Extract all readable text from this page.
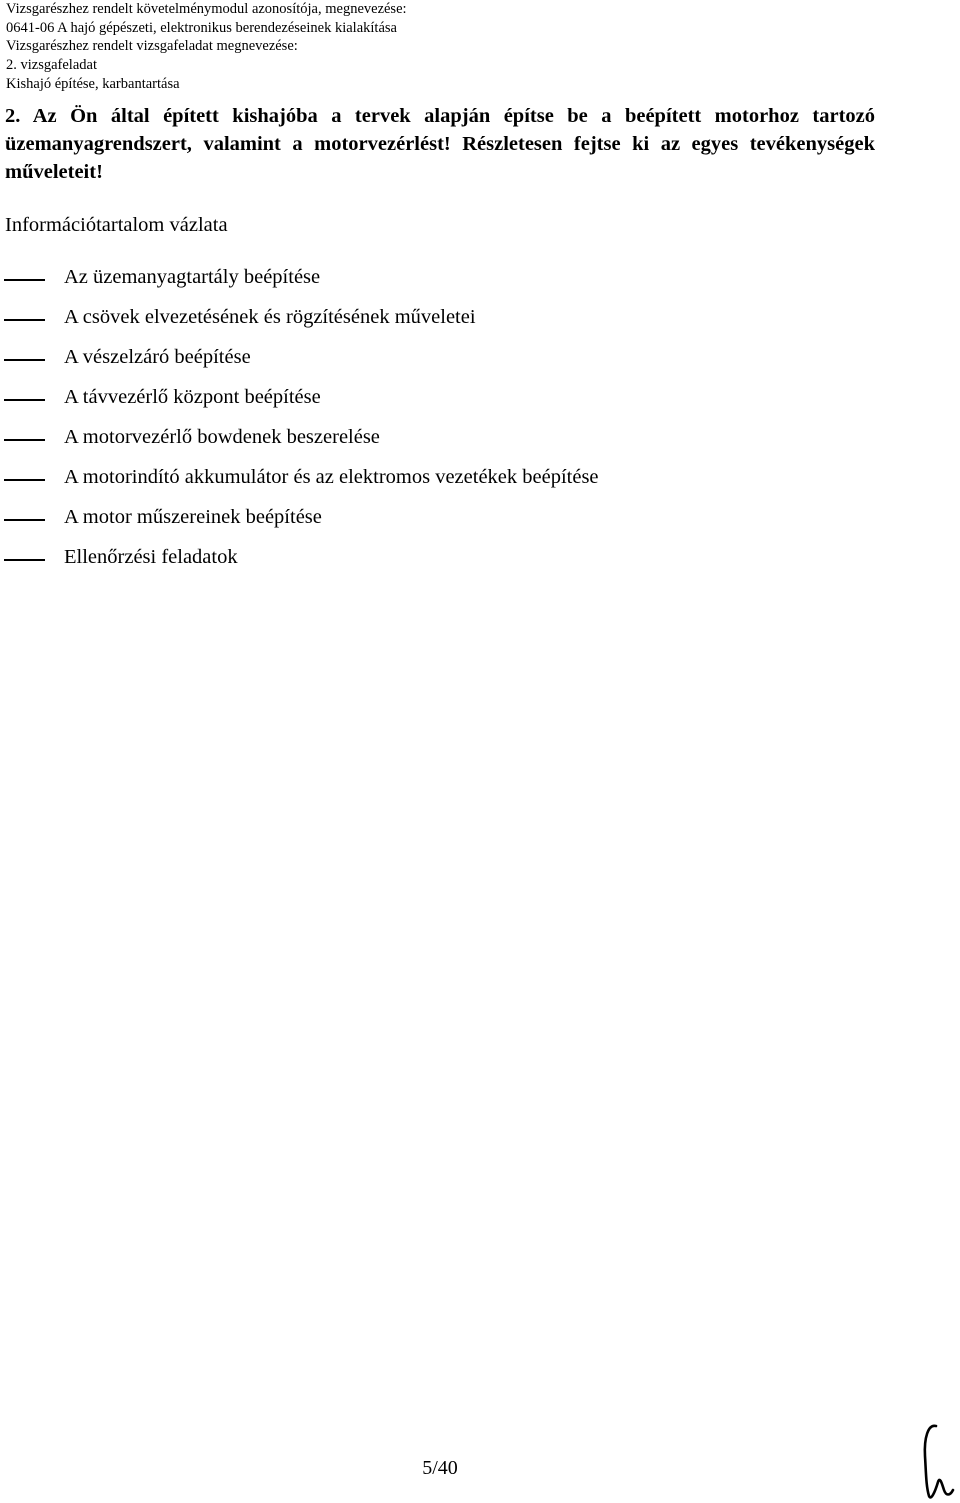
Vizsgarészhez rendelt követelménymodul azonosítója, megnevezése:
0641-06 A hajó gépészeti, elektronikus berendezéseinek kialakítása
Vizsgarészhez rendelt vizsgafeladat megnevezése:
2. vizsgafeladat
Kishajó építése, karbantartása
2. Az Ön által épített kishajóba a tervek alapján építse be a beépített motorhoz tartozó üzemanyagrendszert, valamint a motorvezérlést! Részletesen fejtse ki az egyes tevékenységek műveleteit!
Információtartalom vázlata
Az üzemanyagtartály beépítése
A csövek elvezetésének és rögzítésének műveletei
A vészelzáró beépítése
A távvezérlő központ beépítése
A motorvezérlő bowdenek beszerelése
A motorindító akkumulátor és az elektromos vezetékek beépítése
A motor műszereinek beépítése
Ellenőrzési feladatok
5/40
